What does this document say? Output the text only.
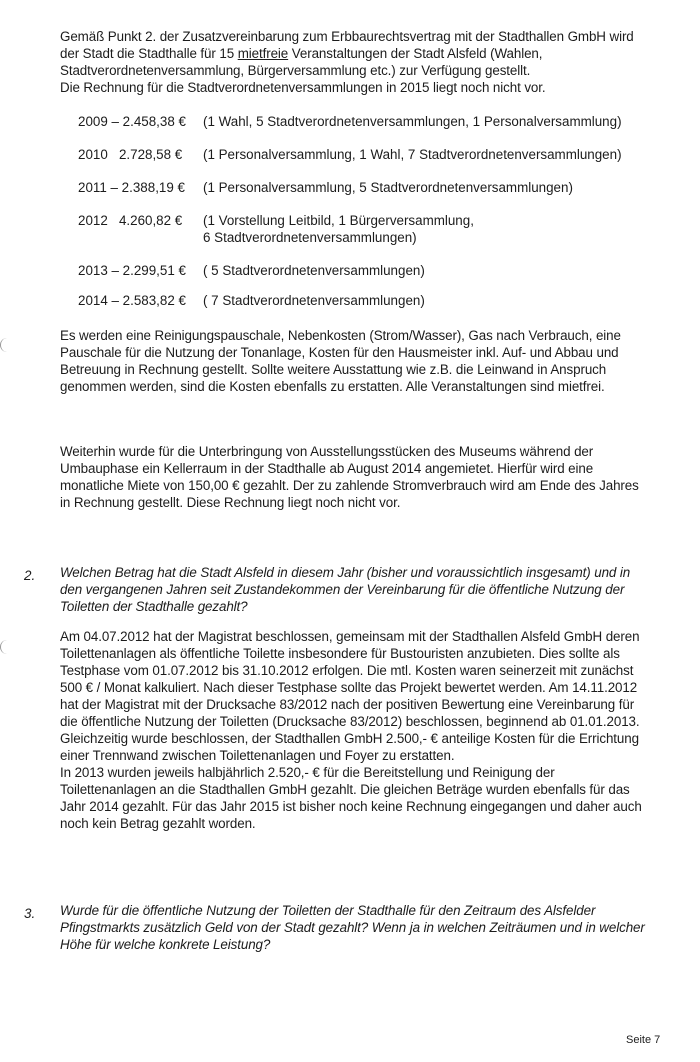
Gemäß Punkt 2. der Zusatzvereinbarung zum Erbbaurechtsvertrag mit der Stadthallen GmbH wird
der Stadt die Stadthalle für 15 mietfreie Veranstaltungen der Stadt Alsfeld (Wahlen,
Stadtverordnetenversammlung, Bürgerversammlung etc.) zur Verfügung gestellt.
Die Rechnung für die Stadtverordnetenversammlungen in 2015 liegt noch nicht vor.
2009 – 2.458,38 € (1 Wahl, 5 Stadtverordnetenversammlungen, 1 Personalversammlung)
2010   2.728,58 € (1 Personalversammlung, 1 Wahl, 7 Stadtverordnetenversammlungen)
2011 – 2.388,19 € (1 Personalversammlung, 5 Stadtverordnetenversammlungen)
2012   4.260,82 € (1 Vorstellung Leitbild, 1 Bürgerversammlung,
6 Stadtverordnetenversammlungen)
2013 – 2.299,51 € ( 5 Stadtverordnetenversammlungen)
2014 – 2.583,82 € ( 7 Stadtverordnetenversammlungen)
Es werden eine Reinigungspauschale, Nebenkosten (Strom/Wasser), Gas nach Verbrauch, eine
Pauschale für die Nutzung der Tonanlage, Kosten für den Hausmeister inkl. Auf- und Abbau und
Betreuung in Rechnung gestellt. Sollte weitere Ausstattung wie z.B. die Leinwand in Anspruch
genommen werden, sind die Kosten ebenfalls zu erstatten. Alle Veranstaltungen sind mietfrei.
Weiterhin wurde für die Unterbringung von Ausstellungsstücken des Museums während der
Umbauphase ein Kellerraum in der Stadthalle ab August 2014 angemietet. Hierfür wird eine
monatliche Miete von 150,00 € gezahlt. Der zu zahlende Stromverbrauch wird am Ende des Jahres
in Rechnung gestellt. Diese Rechnung liegt noch nicht vor.
2. Welchen Betrag hat die Stadt Alsfeld in diesem Jahr (bisher und voraussichtlich insgesamt) und in
den vergangenen Jahren seit Zustandekommen der Vereinbarung für die öffentliche Nutzung der
Toiletten der Stadthalle gezahlt?
Am 04.07.2012 hat der Magistrat beschlossen, gemeinsam mit der Stadthallen Alsfeld GmbH deren
Toilettenanlagen als öffentliche Toilette insbesondere für Bustouristen anzubieten. Dies sollte als
Testphase vom 01.07.2012 bis 31.10.2012 erfolgen. Die mtl. Kosten waren seinerzeit mit zunächst
500 € / Monat kalkuliert. Nach dieser Testphase sollte das Projekt bewertet werden. Am 14.11.2012
hat der Magistrat mit der Drucksache 83/2012 nach der positiven Bewertung eine Vereinbarung für
die öffentliche Nutzung der Toiletten (Drucksache 83/2012) beschlossen, beginnend ab 01.01.2013.
Gleichzeitig wurde beschlossen, der Stadthallen GmbH 2.500,- € anteilige Kosten für die Errichtung
einer Trennwand zwischen Toilettenanlagen und Foyer zu erstatten.
In 2013 wurden jeweils halbjährlich 2.520,- € für die Bereitstellung und Reinigung der
Toilettenanlagen an die Stadthallen GmbH gezahlt. Die gleichen Beträge wurden ebenfalls für das
Jahr 2014 gezahlt. Für das Jahr 2015 ist bisher noch keine Rechnung eingegangen und daher auch
noch kein Betrag gezahlt worden.
3. Wurde für die öffentliche Nutzung der Toiletten der Stadthalle für den Zeitraum des Alsfelder
Pfingstmarkts zusätzlich Geld von der Stadt gezahlt? Wenn ja in welchen Zeiträumen und in welcher
Höhe für welche konkrete Leistung?
Seite 7
